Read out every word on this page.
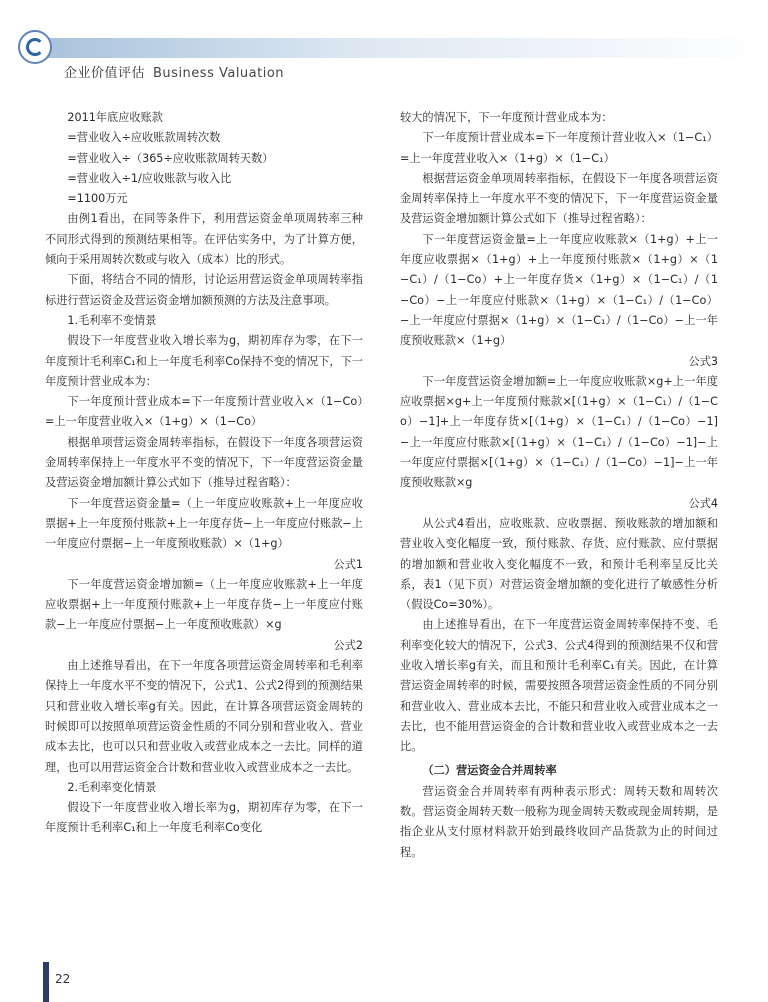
企业价值评估 Business Valuation

2011年底应收账款

=营业收入÷应收账款周转次数

=营业收入÷（365÷应收账款周转天数）

=营业收入÷1/应收账款与收入比

=1100万元

由例1看出，在同等条件下，利用营运资金单项周转率三种不同形式得到的预测结果相等。在评估实务中，为了计算方便，倾向于采用周转次数或与收入（成本）比的形式。

下面，将结合不同的情形，讨论运用营运资金单项周转率指标进行营运资金及营运资金增加额预测的方法及注意事项。

1.毛利率不变情景

假设下一年度营业收入增长率为g，期初库存为零，在下一年度预计毛利率C₁和上一年度毛利率Co保持不变的情况下，下一年度预计营业成本为：

下一年度预计营业成本=下一年度预计营业收入×（1−Co）=上一年度营业收入×（1+g）×（1−Co）

根据单项营运资金周转率指标，在假设下一年度各项营运资金周转率保持上一年度水平不变的情况下，下一年度营运资金量及营运资金增加额计算公式如下（推导过程省略）：

下一年度营运资金量=（上一年度应收账款+上一年度应收票据+上一年度预付账款+上一年度存货−上一年度应付账款−上一年度应付票据−上一年度预收账款）×（1+g）

公式1

下一年度营运资金增加额=（上一年度应收账款+上一年度应收票据+上一年度预付账款+上一年度存货−上一年度应付账款−上一年度应付票据−上一年度预收账款）×g

公式2

由上述推导看出，在下一年度各项营运资金周转率和毛利率保持上一年度水平不变的情况下，公式1、公式2得到的预测结果只和营业收入增长率g有关。因此，在计算各项营运资金周转的时候即可以按照单项营运资金性质的不同分别和营业收入、营业成本去比，也可以只和营业收入或营业成本之一去比。同样的道理，也可以用营运资金合计数和营业收入或营业成本之一去比。

2.毛利率变化情景

假设下一年度营业收入增长率为g，期初库存为零，在下一年度预计毛利率C₁和上一年度毛利率Co变化

较大的情况下，下一年度预计营业成本为：

下一年度预计营业成本=下一年度预计营业收入×（1−C₁）=上一年度营业收入×（1+g）×（1−C₁）

根据营运资金单项周转率指标，在假设下一年度各项营运资金周转率保持上一年度水平不变的情况下，下一年度营运资金量及营运资金增加额计算公式如下（推导过程省略）：

下一年度营运资金量=上一年度应收账款×（1+g）+上一年度应收票据×（1+g）+上一年度预付账款×（1+g）×（1−C₁）/（1−Co）+上一年度存货×（1+g）×（1−C₁）/（1−Co）−上一年度应付账款×（1+g）×（1−C₁）/（1−Co）−上一年度应付票据×（1+g）×（1−C₁）/（1−Co）−上一年度预收账款×（1+g）

公式3

下一年度营运资金增加额=上一年度应收账款×g+上一年度应收票据×g+上一年度预付账款×[（1+g）×（1−C₁）/（1−Co）−1]+上一年度存货×[（1+g）×（1−C₁）/（1−Co）−1]−上一年度应付账款×[（1+g）×（1−C₁）/（1−Co）−1]−上一年度应付票据×[（1+g）×（1−C₁）/（1−Co）−1]−上一年度预收账款×g

公式4

从公式4看出，应收账款、应收票据、预收账款的增加额和营业收入变化幅度一致，预付账款、存货、应付账款、应付票据的增加额和营业收入变化幅度不一致，和预计毛利率呈反比关系，表1（见下页）对营运资金增加额的变化进行了敏感性分析（假设Co=30%）。

由上述推导看出，在下一年度营运资金周转率保持不变、毛利率变化较大的情况下，公式3、公式4得到的预测结果不仅和营业收入增长率g有关，而且和预计毛利率C₁有关。因此，在计算营运资金周转率的时候，需要按照各项营运资金性质的不同分别和营业收入、营业成本去比，不能只和营业收入或营业成本之一去比，也不能用营运资金的合计数和营业收入或营业成本之一去比。

（二）营运资金合并周转率

营运资金合并周转率有两种表示形式：周转天数和周转次数。营运资金周转天数一般称为现金周转天数或现金周转期，是指企业从支付原材料款开始到最终收回产品货款为止的时间过程。

22
